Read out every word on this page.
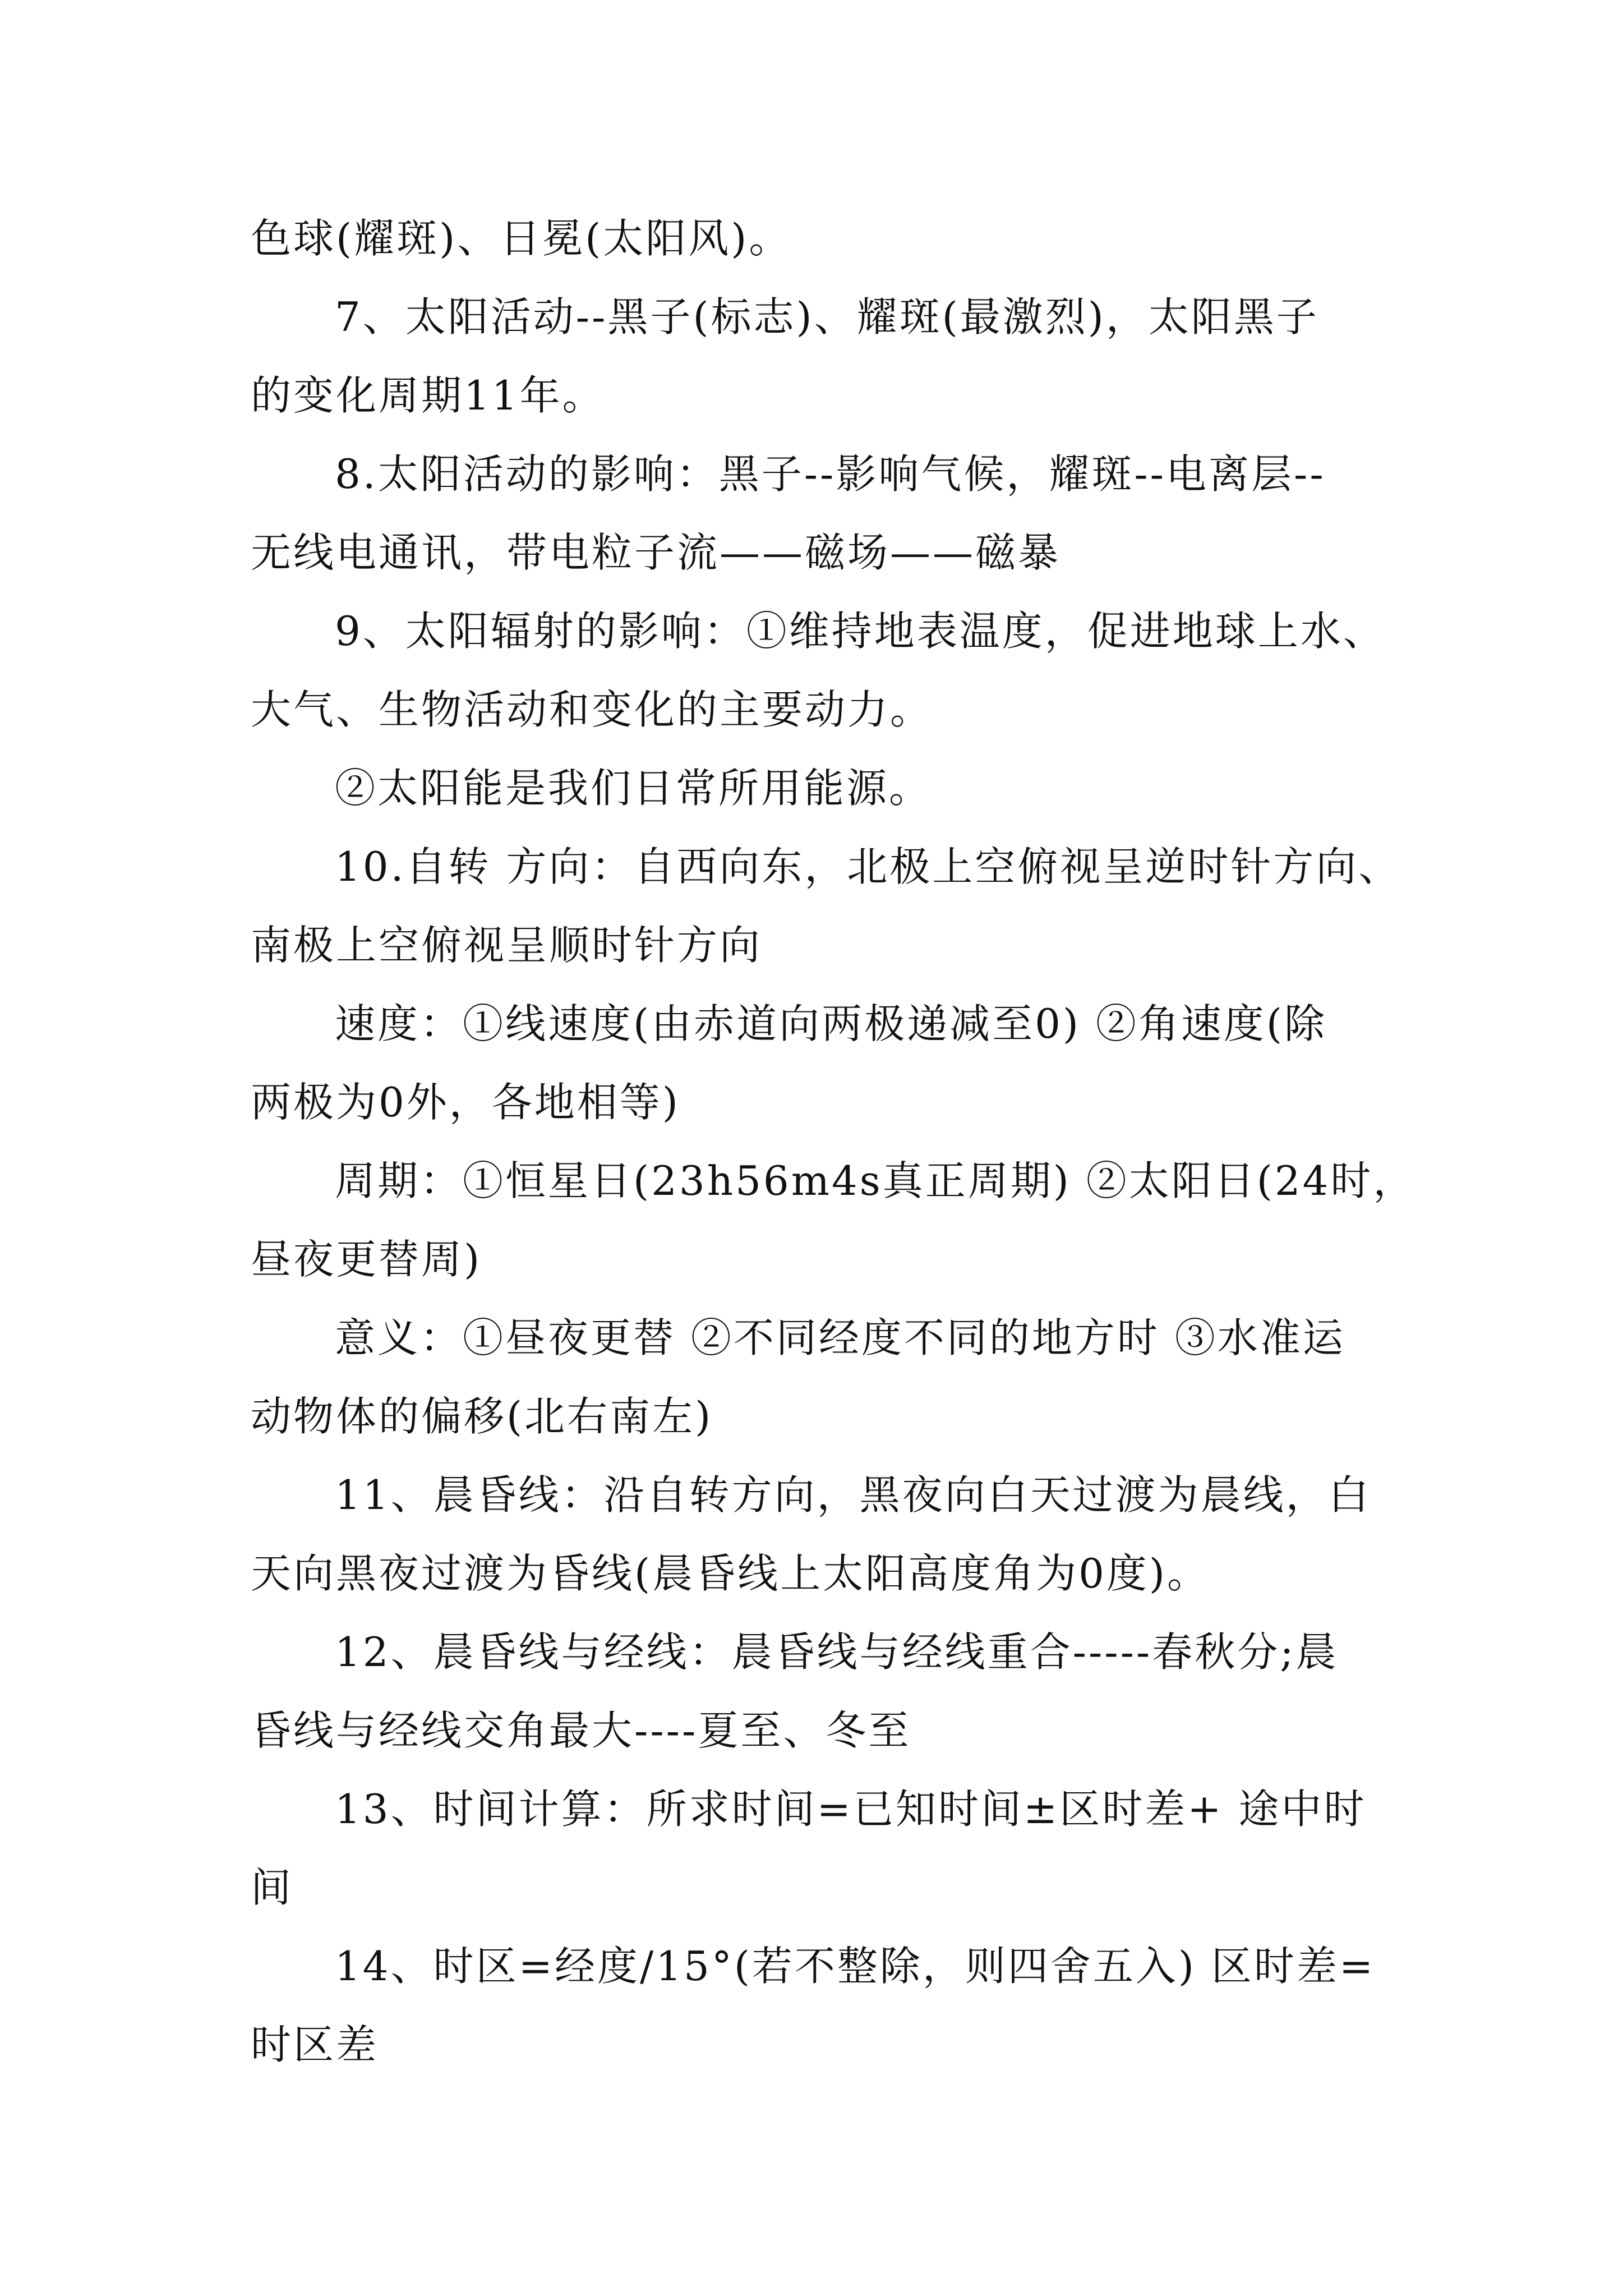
色球(耀斑)、日冕(太阳风)。
7、太阳活动--黑子(标志)、耀斑(最激烈)，太阳黑子
的变化周期11年。
8.太阳活动的影响：黑子--影响气候，耀斑--电离层--
无线电通讯，带电粒子流——磁场——磁暴
9、太阳辐射的影响：①维持地表温度，促进地球上水、
大气、生物活动和变化的主要动力。
②太阳能是我们日常所用能源。
10.自转 方向：自西向东，北极上空俯视呈逆时针方向、
南极上空俯视呈顺时针方向
速度：①线速度(由赤道向两极递减至0) ②角速度(除
两极为0外，各地相等)
周期：①恒星日(23h56m4s真正周期) ②太阳日(24时，
昼夜更替周)
意义：①昼夜更替 ②不同经度不同的地方时 ③水准运
动物体的偏移(北右南左)
11、晨昏线：沿自转方向，黑夜向白天过渡为晨线，白
天向黑夜过渡为昏线(晨昏线上太阳高度角为0度)。
12、晨昏线与经线：晨昏线与经线重合-----春秋分;晨
昏线与经线交角最大----夏至、冬至
13、时间计算：所求时间=已知时间±区时差+ 途中时
间
14、时区=经度/15°(若不整除，则四舍五入) 区时差=
时区差
